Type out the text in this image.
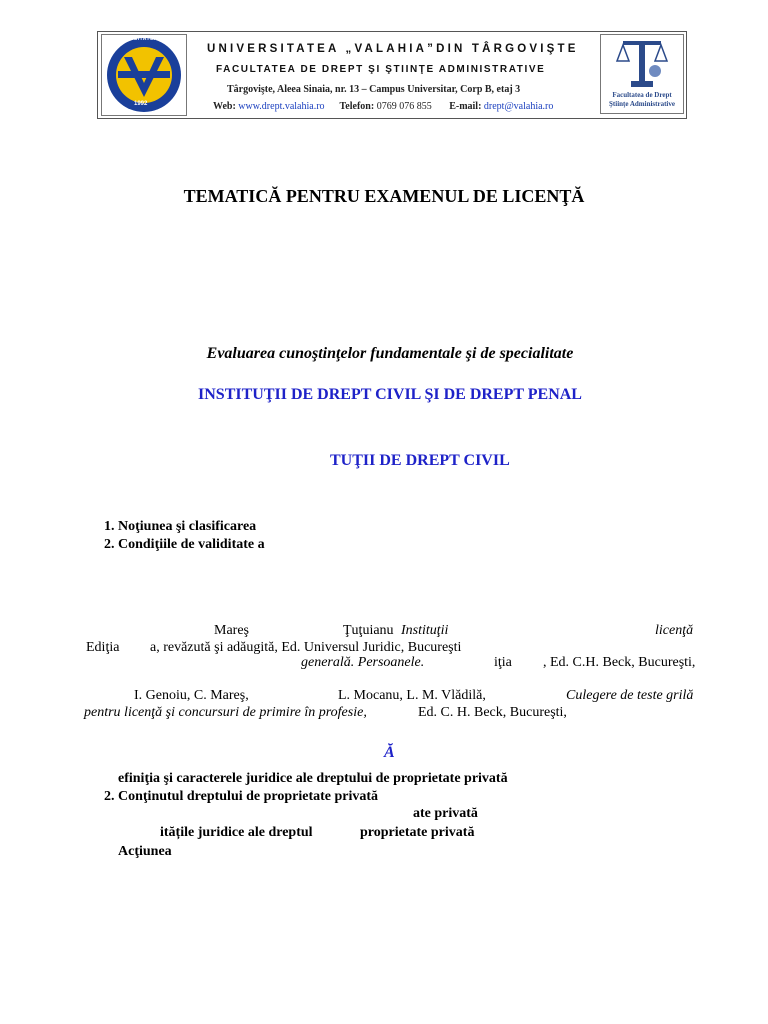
UNIVERSITATEA VALAHIA din TÂRGOVIŞTE
1992
UNIVERSITATEA „VALAHIA”DIN TÂRGOVIŞTE
FACULTATEA DE DREPT ŞI ŞTIINŢE ADMINISTRATIVE
Târgovişte, Aleea Sinaia, nr. 13 – Campus Universitar, Corp B, etaj 3
Web: www.drept.valahia.ro Telefon: 0769 076 855 E-mail: drept@valahia.ro
Facultatea de Drept
Ştiinţe Administrative
TEMATICĂ PENTRU EXAMENUL DE LICENŢĂ
Evaluarea cunoştinţelor fundamentale şi de specialitate
INSTITUŢII DE DREPT CIVIL ŞI DE DREPT PENAL
TUŢII DE DREPT CIVIL
1. Noţiunea şi clasificarea
2. Condiţiile de validitate a
Mareş	Ţuţuianu Instituţii	licenţă
Ediţia a, revăzută şi adăugită, Ed. Universul Juridic, Bucureşti
generală. Persoanele.	iţia , Ed. C.H. Beck, Bucureşti,
I. Genoiu, C. Mareş,	L. Mocanu, L. M. Vlădilă,	Culegere de teste grilă
pentru licenţă şi concursuri de primire în profesie,	Ed. C. H. Beck, Bucureşti,
Ă
efiniţia şi caracterele juridice ale dreptului de proprietate privată
2. Conţinutul dreptului de proprietate privată
ate privată
itățile juridice ale dreptul	proprietate privată
Acţiunea
